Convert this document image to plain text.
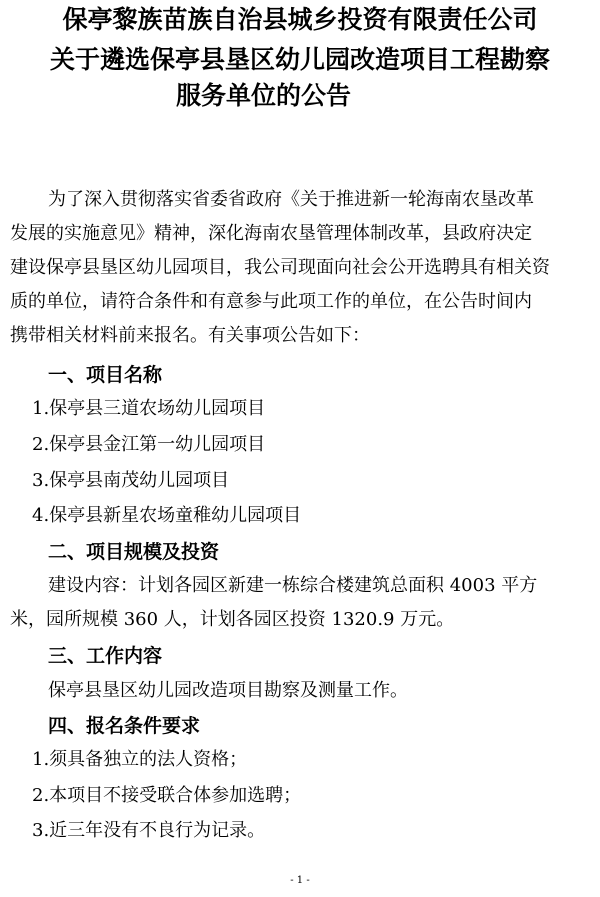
保亭黎族苗族自治县城乡投资有限责任公司
关于遴选保亭县垦区幼儿园改造项目工程勘察
服务单位的公告
为了深入贯彻落实省委省政府《关于推进新一轮海南农垦改革
发展的实施意见》精神，深化海南农垦管理体制改革，县政府决定
建设保亭县垦区幼儿园项目，我公司现面向社会公开选聘具有相关资
质的单位，请符合条件和有意参与此项工作的单位，在公告时间内
携带相关材料前来报名。有关事项公告如下：
一、项目名称
1.保亭县三道农场幼儿园项目
2.保亭县金江第一幼儿园项目
3.保亭县南茂幼儿园项目
4.保亭县新星农场童稚幼儿园项目
二、项目规模及投资
建设内容：计划各园区新建一栋综合楼建筑总面积 4003 平方
米，园所规模 360 人，计划各园区投资 1320.9 万元。
三、工作内容
保亭县垦区幼儿园改造项目勘察及测量工作。
四、报名条件要求
1.须具备独立的法人资格；
2.本项目不接受联合体参加选聘；
3.近三年没有不良行为记录。
- 1 -
